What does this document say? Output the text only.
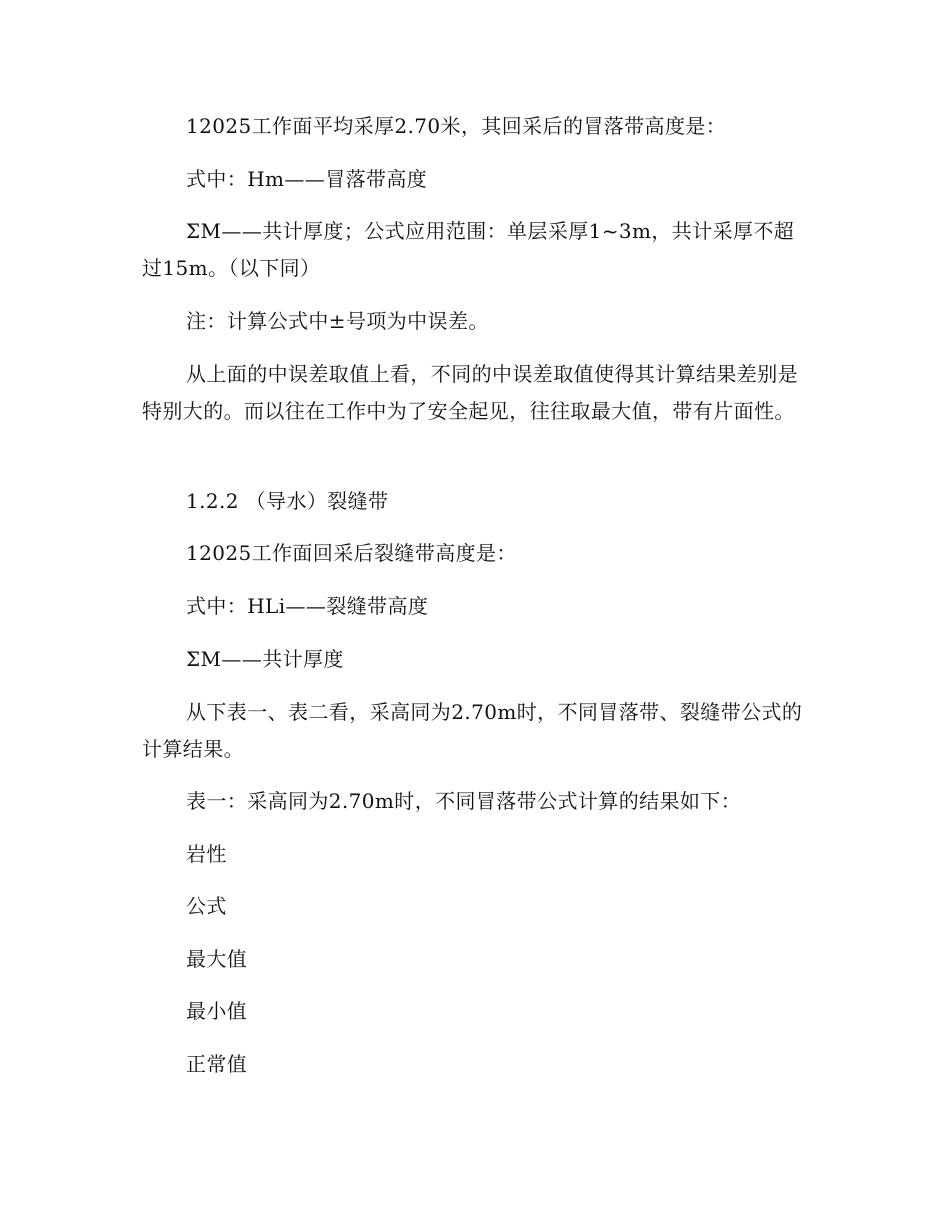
12025工作面平均采厚2.70米，其回采后的冒落带高度是：

式中：Hm——冒落带高度

ΣM——共计厚度；公式应用范围：单层采厚1~3m，共计采厚不超过15m。（以下同）

注：计算公式中±号项为中误差。

从上面的中误差取值上看，不同的中误差取值使得其计算结果差别是特别大的。而以往在工作中为了安全起见，往往取最大值，带有片面性。

1.2.2 （导水）裂缝带

12025工作面回采后裂缝带高度是：

式中：HLi——裂缝带高度

ΣM——共计厚度

从下表一、表二看，采高同为2.70m时，不同冒落带、裂缝带公式的计算结果。

表一：采高同为2.70m时，不同冒落带公式计算的结果如下：

岩性

公式

最大值

最小值

正常值
